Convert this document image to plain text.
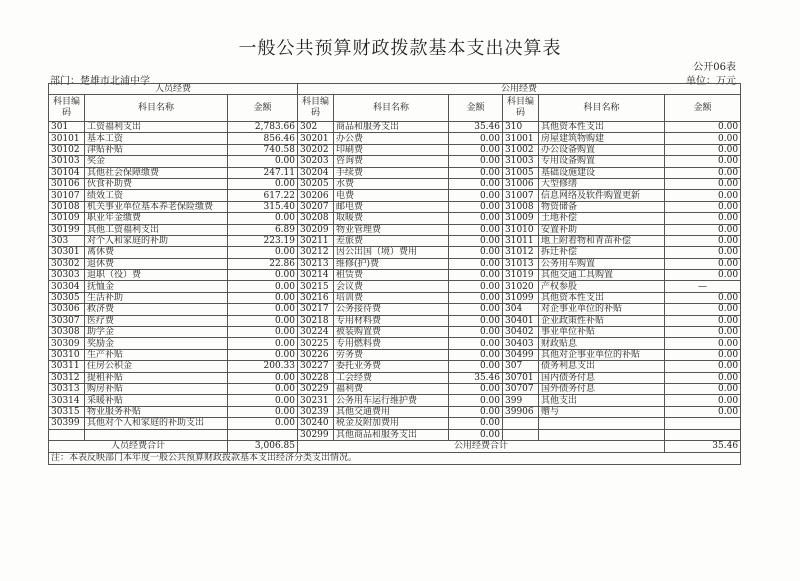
一般公共预算财政拨款基本支出决算表
公开06表
部门：楚雄市北浦中学	单位：万元
人员经费			公用经费					
科目编码	科目名称	金额	科目编码	科目名称	金额	科目编码	科目名称	金额
301	工资福利支出	2,783.66	302	商品和服务支出	35.46	310	其他资本性支出	0.00
30101	基本工资	856.46	30201	办公费	0.00	31001	房屋建筑物购建	0.00
30102	津贴补贴	740.58	30202	印刷费	0.00	31002	办公设备购置	0.00
30103	奖金	0.00	30203	咨询费	0.00	31003	专用设备购置	0.00
30104	其他社会保障缴费	247.11	30204	手续费	0.00	31005	基础设施建设	0.00
30106	伙食补助费	0.00	30205	水费	0.00	31006	大型修缮	0.00
30107	绩效工资	617.22	30206	电费	0.00	31007	信息网络及软件购置更新	0.00
30108	机关事业单位基本养老保险缴费	315.40	30207	邮电费	0.00	31008	物资储备	0.00
30109	职业年金缴费	0.00	30208	取暖费	0.00	31009	土地补偿	0.00
30199	其他工资福利支出	6.89	30209	物业管理费	0.00	31010	安置补助	0.00
303	对个人和家庭的补助	223.19	30211	差旅费	0.00	31011	地上附着物和青苗补偿	0.00
30301	离休费	0.00	30212	因公出国（境）费用	0.00	31012	拆迁补偿	0.00
30302	退休费	22.86	30213	维修(护)费	0.00	31013	公务用车购置	0.00
30303	退职（役）费	0.00	30214	租赁费	0.00	31019	其他交通工具购置	0.00
30304	抚恤金	0.00	30215	会议费	0.00	31020	产权参股	—
30305	生活补助	0.00	30216	培训费	0.00	31099	其他资本性支出	0.00
30306	救济费	0.00	30217	公务接待费	0.00	304	对企事业单位的补贴	0.00
30307	医疗费	0.00	30218	专用材料费	0.00	30401	企业政策性补贴	0.00
30308	助学金	0.00	30224	被装购置费	0.00	30402	事业单位补贴	0.00
30309	奖励金	0.00	30225	专用燃料费	0.00	30403	财政贴息	0.00
30310	生产补贴	0.00	30226	劳务费	0.00	30499	其他对企事业单位的补贴	0.00
30311	住房公积金	200.33	30227	委托业务费	0.00	307	债务利息支出	0.00
30312	提租补贴	0.00	30228	工会经费	35.46	30701	国内债务付息	0.00
30313	购房补贴	0.00	30229	福利费	0.00	30707	国外债务付息	0.00
30314	采暖补贴	0.00	30231	公务用车运行维护费	0.00	399	其他支出	0.00
30315	物业服务补贴	0.00	30239	其他交通费用	0.00	39906	赠与	0.00
30399	其他对个人和家庭的补助支出	0.00	30240	税金及附加费用	0.00			
			30299	其他商品和服务支出	0.00			
人员经费合计		3,006.85	公用经费合计					35.46
注：本表反映部门本年度一般公共预算财政拨款基本支出经济分类支出情况。								
